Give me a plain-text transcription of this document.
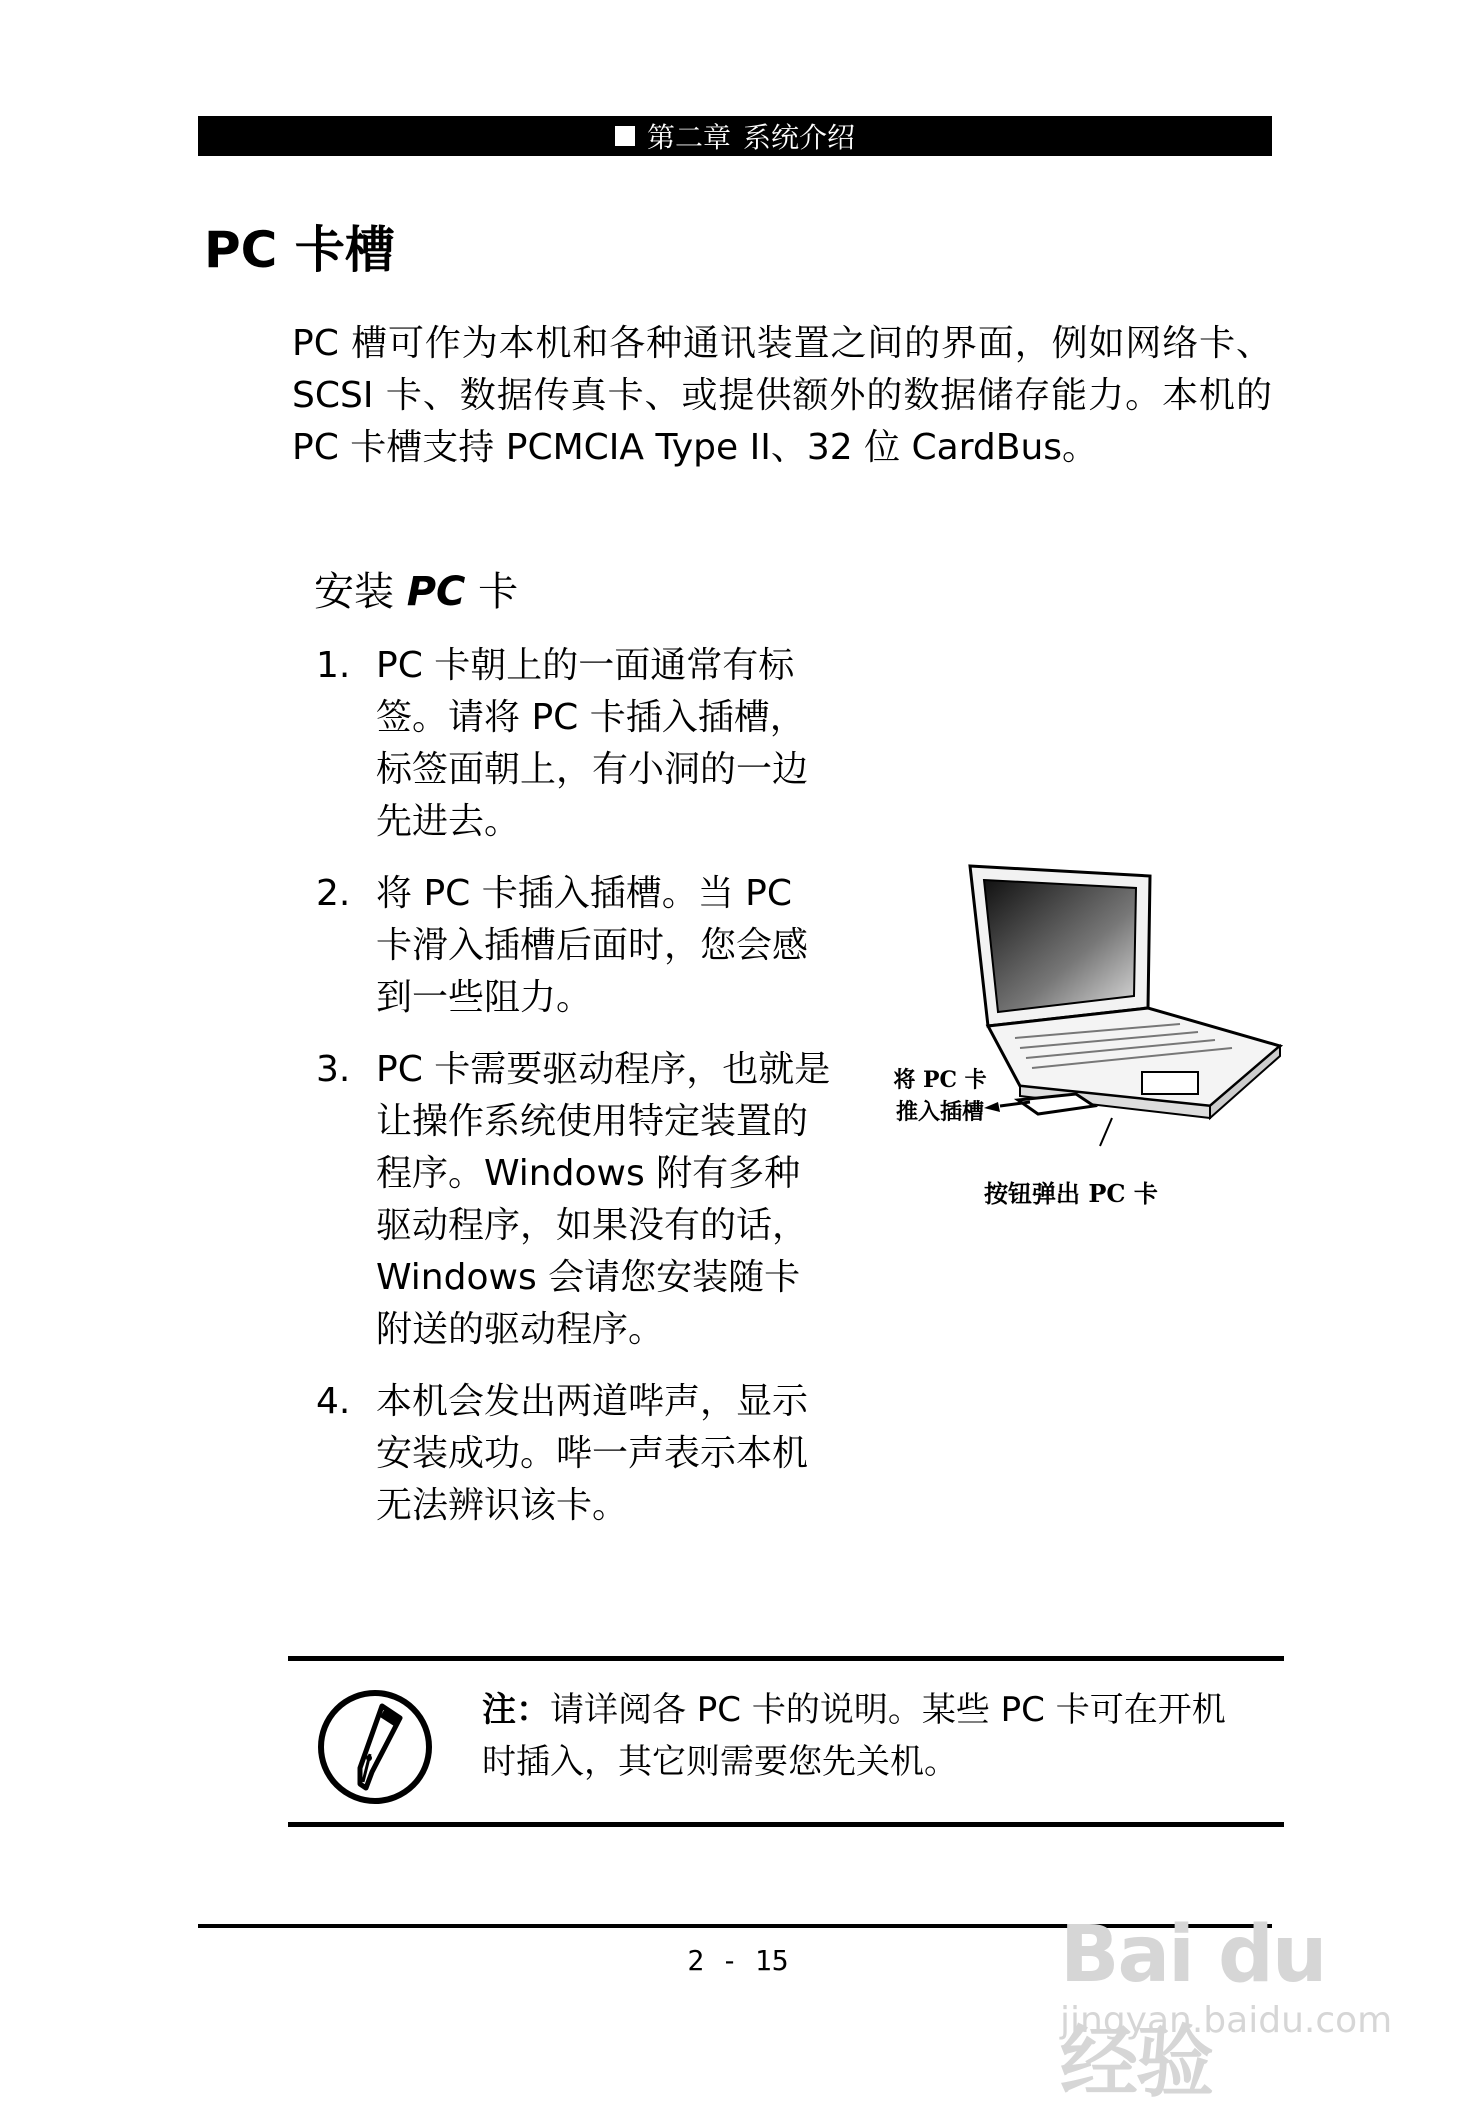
第二章 系统介绍
PC 卡槽
PC 槽可作为本机和各种通讯装置之间的界面，例如网络卡、SCSI 卡、数据传真卡、或提供额外的数据储存能力。本机的 PC 卡槽支持 PCMCIA Type II、32 位 CardBus。
安装 PC 卡
1. PC 卡朝上的一面通常有标签。请将 PC 卡插入插槽，标签面朝上，有小洞的一边先进去。
2. 将 PC 卡插入插槽。当 PC 卡滑入插槽后面时，您会感到一些阻力。
3. PC 卡需要驱动程序，也就是让操作系统使用特定装置的程序。Windows 附有多种驱动程序，如果没有的话，Windows 会请您安装随卡附送的驱动程序。
4. 本机会发出两道哔声，显示安装成功。哔一声表示本机无法辨识该卡。
将 PC 卡
推入插槽
按钮弹出 PC 卡
注：请详阅各 PC 卡的说明。某些 PC 卡可在开机时插入，其它则需要您先关机。
2 - 15	Bai du 经验
jingyan.baidu.com
